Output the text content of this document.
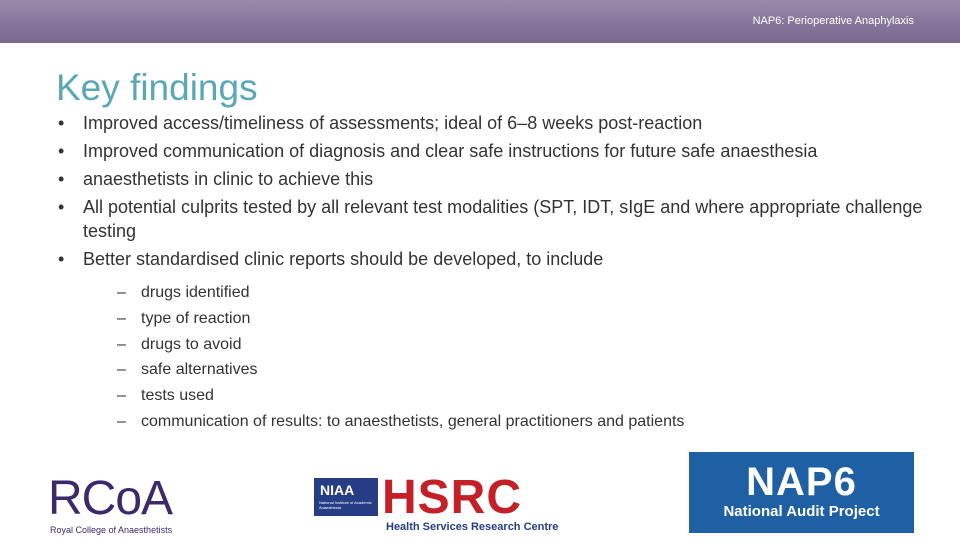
NAP6: Perioperative Anaphylaxis
Key findings
• Improved access/timeliness of assessments; ideal of 6–8 weeks post-reaction
• Improved communication of diagnosis and clear safe instructions for future safe anaesthesia
• anaesthetists in clinic to achieve this
• All potential culprits tested by all relevant test modalities (SPT, IDT, sIgE and where appropriate challenge testing
• Better standardised clinic reports should be developed, to include
– drugs identified
– type of reaction
– drugs to avoid
– safe alternatives
– tests used
– communication of results: to anaesthetists, general practitioners and patients
RCoA
Royal College of Anaesthetists
NIAA
National Institute of Academic Anaesthesia HSRC
Health Services Research Centre
NAP6
National Audit Project
